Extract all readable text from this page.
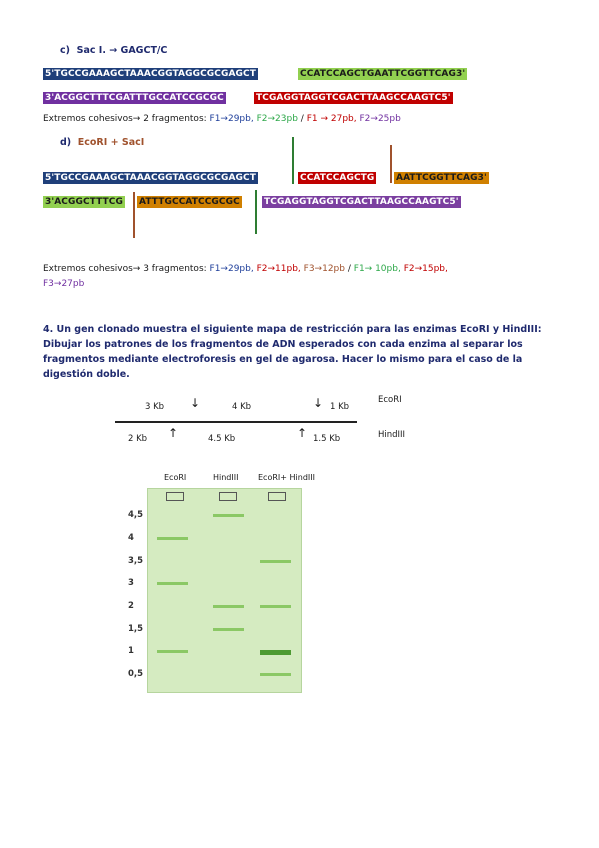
c) Sac I. → GAGCT/C
5'TGCCGAAAGCTAAACGGTAGGCGCGAGCT	CCATCCAGCTGAATTCGGTTCAG3'
3'ACGGCTTTCGATTTGCCATCCGCGC	TCGAGGTAGGTCGACTTAAGCCAAGTC5'
Extremos cohesivos→ 2 fragmentos: F1→29pb, F2→23pb / F1 → 27pb, F2→25pb
d) EcoRI + SacI
5'TGCCGAAAGCTAAACGGTAGGCGCGAGCT	CCATCCAGCTG AATTCGGTTCAG3'
3'ACGGCTTTCG ATTTGCCATCCGCGC	TCGAGGTAGGTCGACTTAAGCCAAGTC5'
Extremos cohesivos→ 3 fragmentos: F1→29pb, F2→11pb, F3→12pb / F1→ 10pb, F2→15pb,
F3→27pb
4. Un gen clonado muestra el siguiente mapa de restricción para las enzimas EcoRI y HindIII: Dibujar los patrones de los fragmentos de ADN esperados con cada enzima al separar los fragmentos mediante electroforesis en gel de agarosa. Hacer lo mismo para el caso de la digestión doble.
3 Kb ↓	4 Kb	↓ 1 Kb
EcoRI
2 Kb ↑	4.5 Kb	↑ 1.5 Kb	HindIII
EcoRI	HindIII EcoRI+ HindIII
4,5
4
3,5
3
2
1,5
1
0,5
